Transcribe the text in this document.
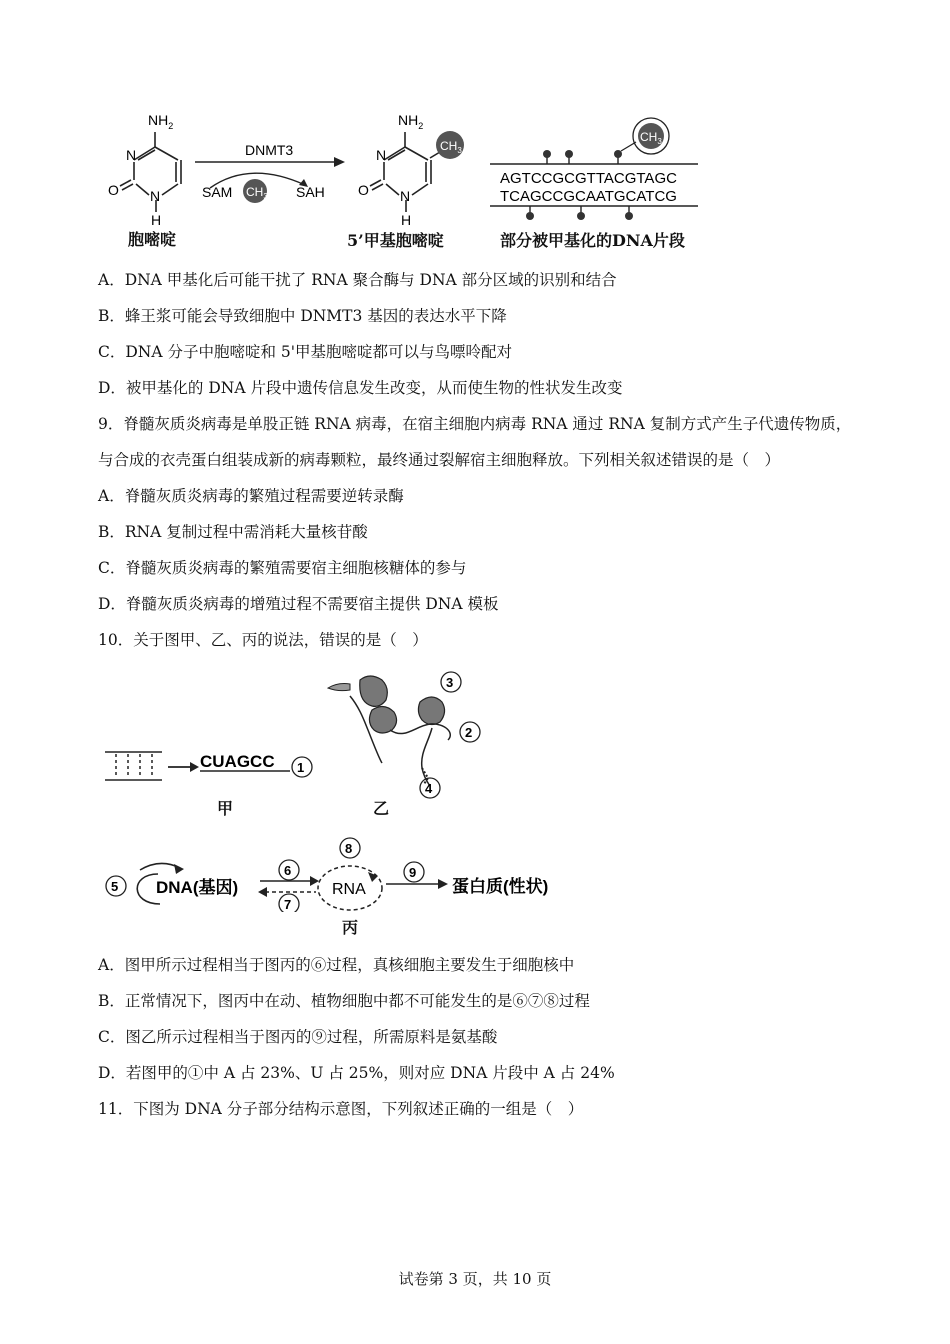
$NH_2$
N
N
O
H
DNMT3
SAM $CH_3$ SAH
$NH_2$
N
N
O
H
$CH_3$
$CH_3$
AGTCCGCGTTACGTAGC
TCAGCCGCAATGCATCG
胞嘧啶	5’甲基胞嘧啶	部分被甲基化的DNA片段
A．DNA 甲基化后可能干扰了 RNA 聚合酶与 DNA 部分区域的识别和结合
B．蜂王浆可能会导致细胞中 DNMT3 基因的表达水平下降
C．DNA 分子中胞嘧啶和 5'甲基胞嘧啶都可以与鸟嘌呤配对
D．被甲基化的 DNA 片段中遗传信息发生改变，从而使生物的性状发生改变
9．脊髓灰质炎病毒是单股正链 RNA 病毒，在宿主细胞内病毒 RNA 通过 RNA 复制方式产生子代遗传物质，
与合成的衣壳蛋白组装成新的病毒颗粒，最终通过裂解宿主细胞释放。下列相关叙述错误的是（　）
A．脊髓灰质炎病毒的繁殖过程需要逆转录酶
B．RNA 复制过程中需消耗大量核苷酸
C．脊髓灰质炎病毒的繁殖需要宿主细胞核糖体的参与
D．脊髓灰质炎病毒的增殖过程不需要宿主提供 DNA 模板
10．关于图甲、乙、丙的说法，错误的是（　）
CUAGCC 1
甲
3
2
4
乙
5 DNA(基因)
6
7
8
RNA
9
蛋白质(性状)
丙
A．图甲所示过程相当于图丙的⑥过程，真核细胞主要发生于细胞核中
B．正常情况下，图丙中在动、植物细胞中都不可能发生的是⑥⑦⑧过程
C．图乙所示过程相当于图丙的⑨过程，所需原料是氨基酸
D．若图甲的①中 A 占 23%、U 占 25%，则对应 DNA 片段中 A 占 24%
11．下图为 DNA 分子部分结构示意图，下列叙述正确的一组是（　）
试卷第 3 页，共 10 页
